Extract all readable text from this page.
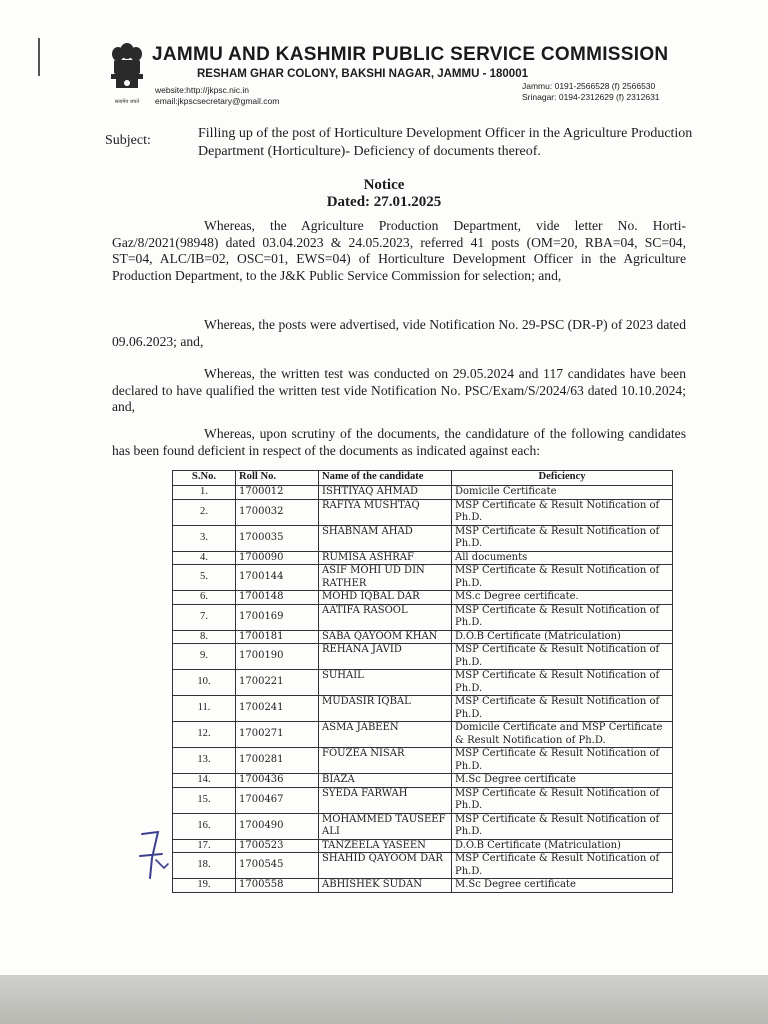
सत्यमेव जयते
JAMMU AND KASHMIR PUBLIC SERVICE COMMISSION
RESHAM GHAR COLONY, BAKSHI NAGAR, JAMMU - 180001
website:http://jkpsc.nic.in
email:jkpscsecretary@gmail.com
Jammu: 0191-2566528 (f) 2566530
Srinagar: 0194-2312629 (f) 2312631
Subject:	Filling up of the post of Horticulture Development Officer in the Agriculture Production Department (Horticulture)- Deficiency of documents thereof.
Notice
Dated: 27.01.2025

Whereas, the Agriculture Production Department, vide letter No. Horti-Gaz/8/2021(98948) dated 03.04.2023 & 24.05.2023, referred 41 posts (OM=20, RBA=04, SC=04, ST=04, ALC/IB=02, OSC=01, EWS=04) of Horticulture Development Officer in the Agriculture Production Department, to the J&K Public Service Commission for selection; and,

Whereas, the posts were advertised, vide Notification No. 29-PSC (DR-P) of 2023 dated 09.06.2023; and,

Whereas, the written test was conducted on 29.05.2024 and 117 candidates have been declared to have qualified the written test vide Notification No. PSC/Exam/S/2024/63 dated 10.10.2024; and,

Whereas, upon scrutiny of the documents, the candidature of the following candidates has been found deficient in respect of the documents as indicated against each:

S.No.	Roll No.	Name of the candidate	Deficiency
1.	1700012	ISHTIYAQ AHMAD	Domicile Certificate
2.	1700032	RAFIYA MUSHTAQ	MSP Certificate & Result Notification of Ph.D.
3.	1700035	SHABNAM AHAD	MSP Certificate & Result Notification of Ph.D.
4.	1700090	RUMISA ASHRAF	All documents
5.	1700144	ASIF MOHI UD DIN RATHER	MSP Certificate & Result Notification of Ph.D.
6.	1700148	MOHD IQBAL DAR	MS.c Degree certificate.
7.	1700169	AATIFA RASOOL	MSP Certificate & Result Notification of Ph.D.
8.	1700181	SABA QAYOOM KHAN	D.O.B Certificate (Matriculation)
9.	1700190	REHANA JAVID	MSP Certificate & Result Notification of Ph.D.
10.	1700221	SUHAIL	MSP Certificate & Result Notification of Ph.D.
11.	1700241	MUDASIR IQBAL	MSP Certificate & Result Notification of Ph.D.
12.	1700271	ASMA JABEEN	Domicile Certificate and MSP Certificate & Result Notification of Ph.D.
13.	1700281	FOUZEA NISAR	MSP Certificate & Result Notification of Ph.D.
14.	1700436	BIAZA	M.Sc Degree certificate
15.	1700467	SYEDA FARWAH	MSP Certificate & Result Notification of Ph.D.
16.	1700490	MOHAMMED TAUSEEF ALI	MSP Certificate & Result Notification of Ph.D.
17.	1700523	TANZEELA YASEEN	D.O.B Certificate (Matriculation)
18.	1700545	SHAHID QAYOOM DAR	MSP Certificate & Result Notification of Ph.D.
19.	1700558	ABHISHEK SUDAN	M.Sc Degree certificate
